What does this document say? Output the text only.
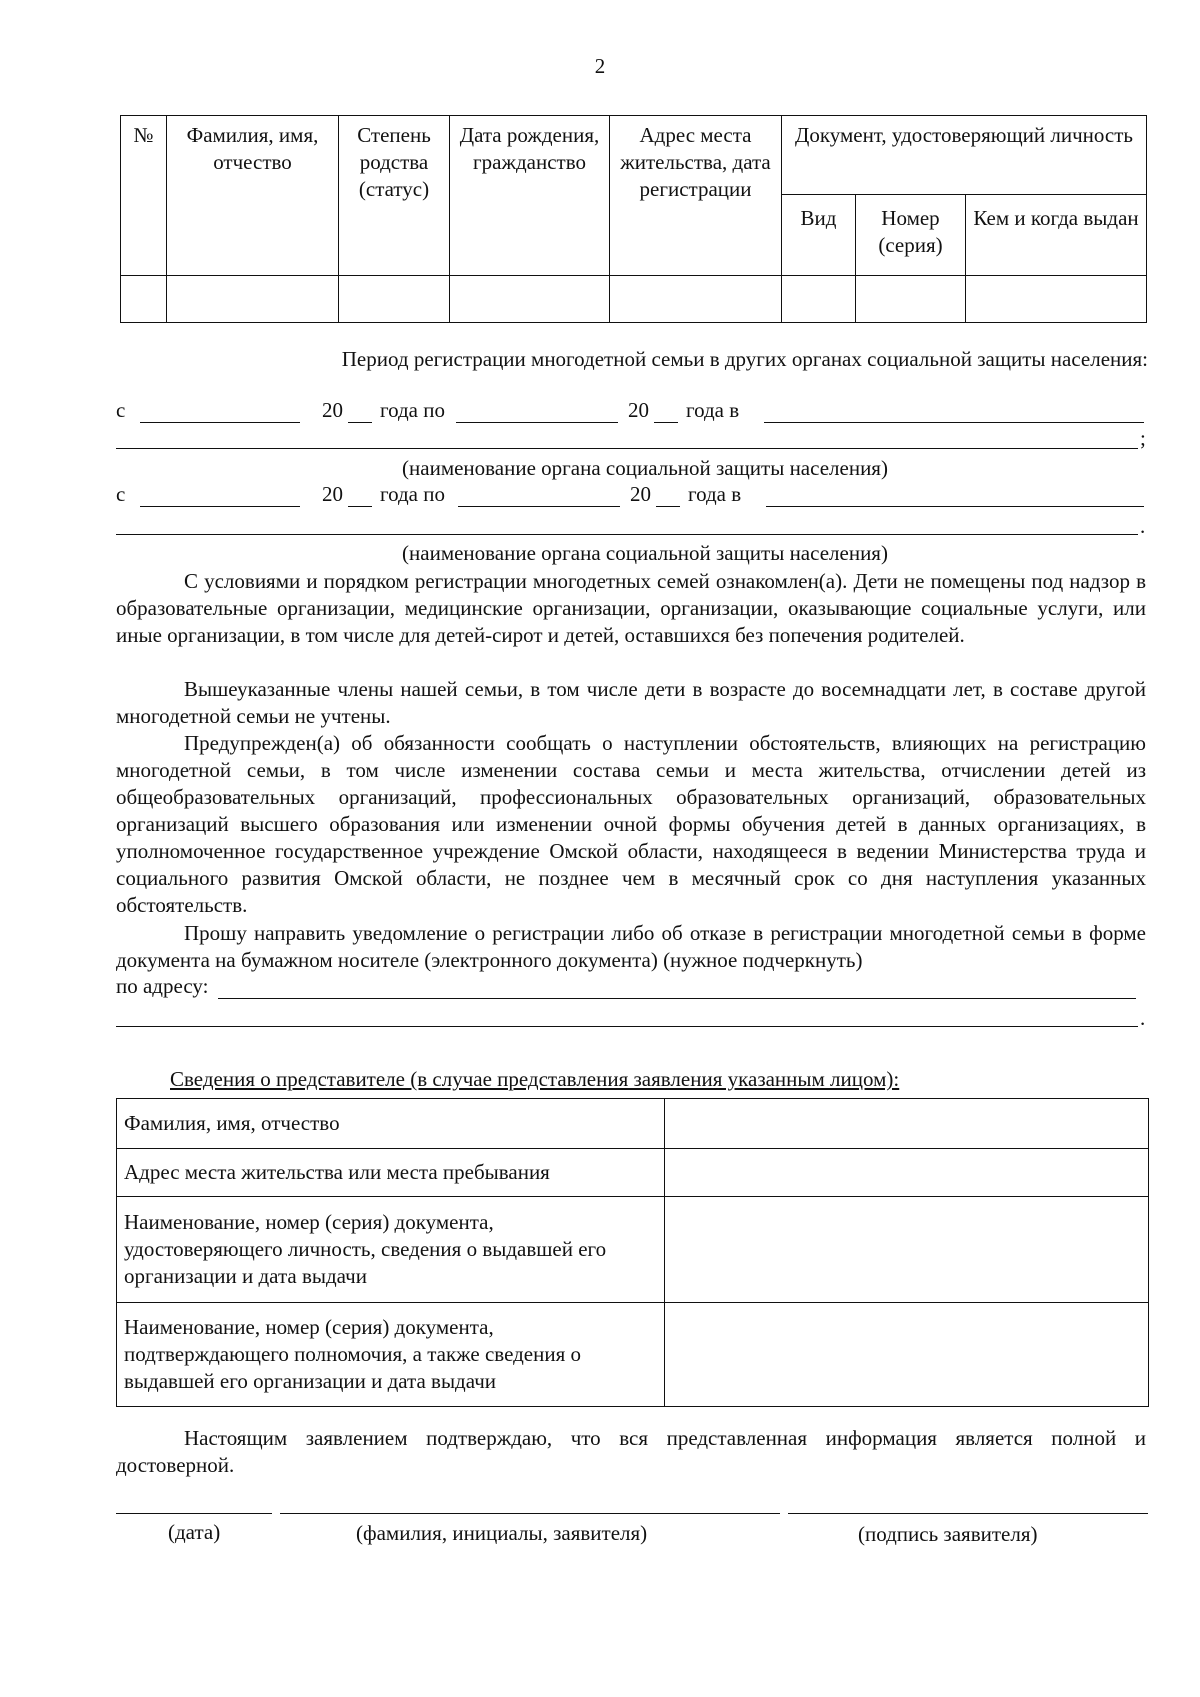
2
№	Фамилия, имя, отчество	Степень родства (статус)	Дата рождения, гражданство	Адрес места жительства, дата регистрации	Документ, удостоверяющий личность		
					Вид	Номер (серия)	Кем и когда выдан

Период регистрации многодетной семьи в других органах социальной защиты населения:
с	20 года по	20 года в
;
(наименование органа социальной защиты населения)
с	20 года по	20 года в
.
(наименование органа социальной защиты населения)
С условиями и порядком регистрации многодетных семей ознакомлен(а). Дети не помещены под надзор в образовательные организации, медицинские организации, организации, оказывающие социальные услуги, или иные организации, в том числе для детей-сирот и детей, оставшихся без попечения родителей.
Вышеуказанные члены нашей семьи, в том числе дети в возрасте до восемнадцати лет, в составе другой многодетной семьи не учтены.
Предупрежден(а) об обязанности сообщать о наступлении обстоятельств, влияющих на регистрацию многодетной семьи, в том числе изменении состава семьи и места жительства, отчислении детей из общеобразовательных организаций, профессиональных образовательных организаций, образовательных организаций высшего образования или изменении очной формы обучения детей в данных организациях, в уполномоченное государственное учреждение Омской области, находящееся в ведении Министерства труда и социального развития Омской области, не позднее чем в месячный срок со дня наступления указанных обстоятельств.
Прошу направить уведомление о регистрации либо об отказе в регистрации многодетной семьи в форме документа на бумажном носителе (электронного документа) (нужное подчеркнуть)
по адресу:
.
Сведения о представителе (в случае представления заявления указанным лицом):
Фамилия, имя, отчество	
Адрес места жительства или места пребывания	
Наименование, номер (серия) документа, удостоверяющего личность, сведения о выдавшей его организации и дата выдачи	
Наименование, номер (серия) документа, подтверждающего полномочия, а также сведения о выдавшей его организации и дата выдачи	
Настоящим заявлением подтверждаю, что вся представленная информация является полной и достоверной.
(дата)	(фамилия, инициалы, заявителя)	(подпись заявителя)
